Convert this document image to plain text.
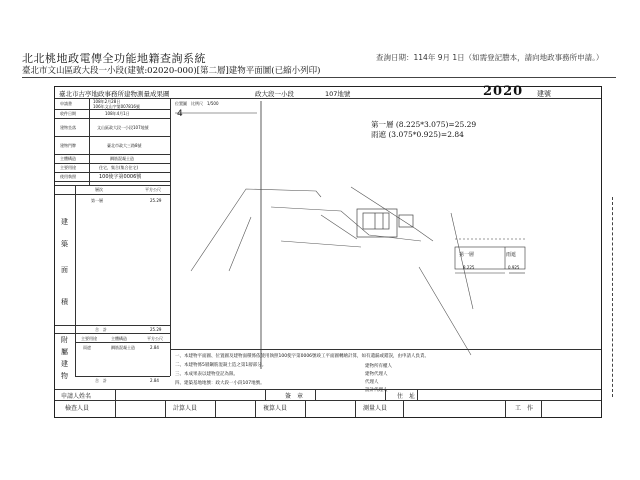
北北桃地政電傳全功能地籍查詢系統
臺北市文山區政大段一小段(建號:02020-000)[第二層]建物平面圖(已縮小列印)
查詢日期：114年 9月 1日（如需登記謄本，請向地政事務所申請。）
臺北市古亭地政事務所建物測量成果圖	政大段一小段	107地號	2020 建號
申請書	108年2月28日
106年文山字第007816號
收件日期	108年4月1日
建物坐落	文山區政大段一小段107地號
建物門牌	臺北市政大三路8號
主體構造	鋼筋混凝土造
主要用途	住宅，集合(集合住宅)
使用執照	100使字第0006號
層次	平方公尺
第一層	25.29
建
築
面
積
合　計	25.29
主要用途	主體構造	平方公尺
雨遮	鋼筋混凝土造	2.84
附
屬
建
物
合　計	2.84
位置圖　比例尺　1/500
4
第一層 (8.225*3.075)=25.29
雨遮 (3.075*0.925)=2.84
第一層	雨遮
8.225	0.925
一、本建物平面圖、位置圖及建物面積係依使用執照100使字第0006號竣工平面圖轉繪計算，如有遺漏或錯誤，由申請人負責。
二、本建物係5層鋼筋混凝土造之第1層部分。
三、本成果表以建物登記為限。
四、建築基地地號：政大段一小段107地號。
建物所有權人
建物代理人
代理人
設計代理人
申請人姓名	簽　章	住　址
檢查人員	計算人員	複算人員	測量人員	工　作
